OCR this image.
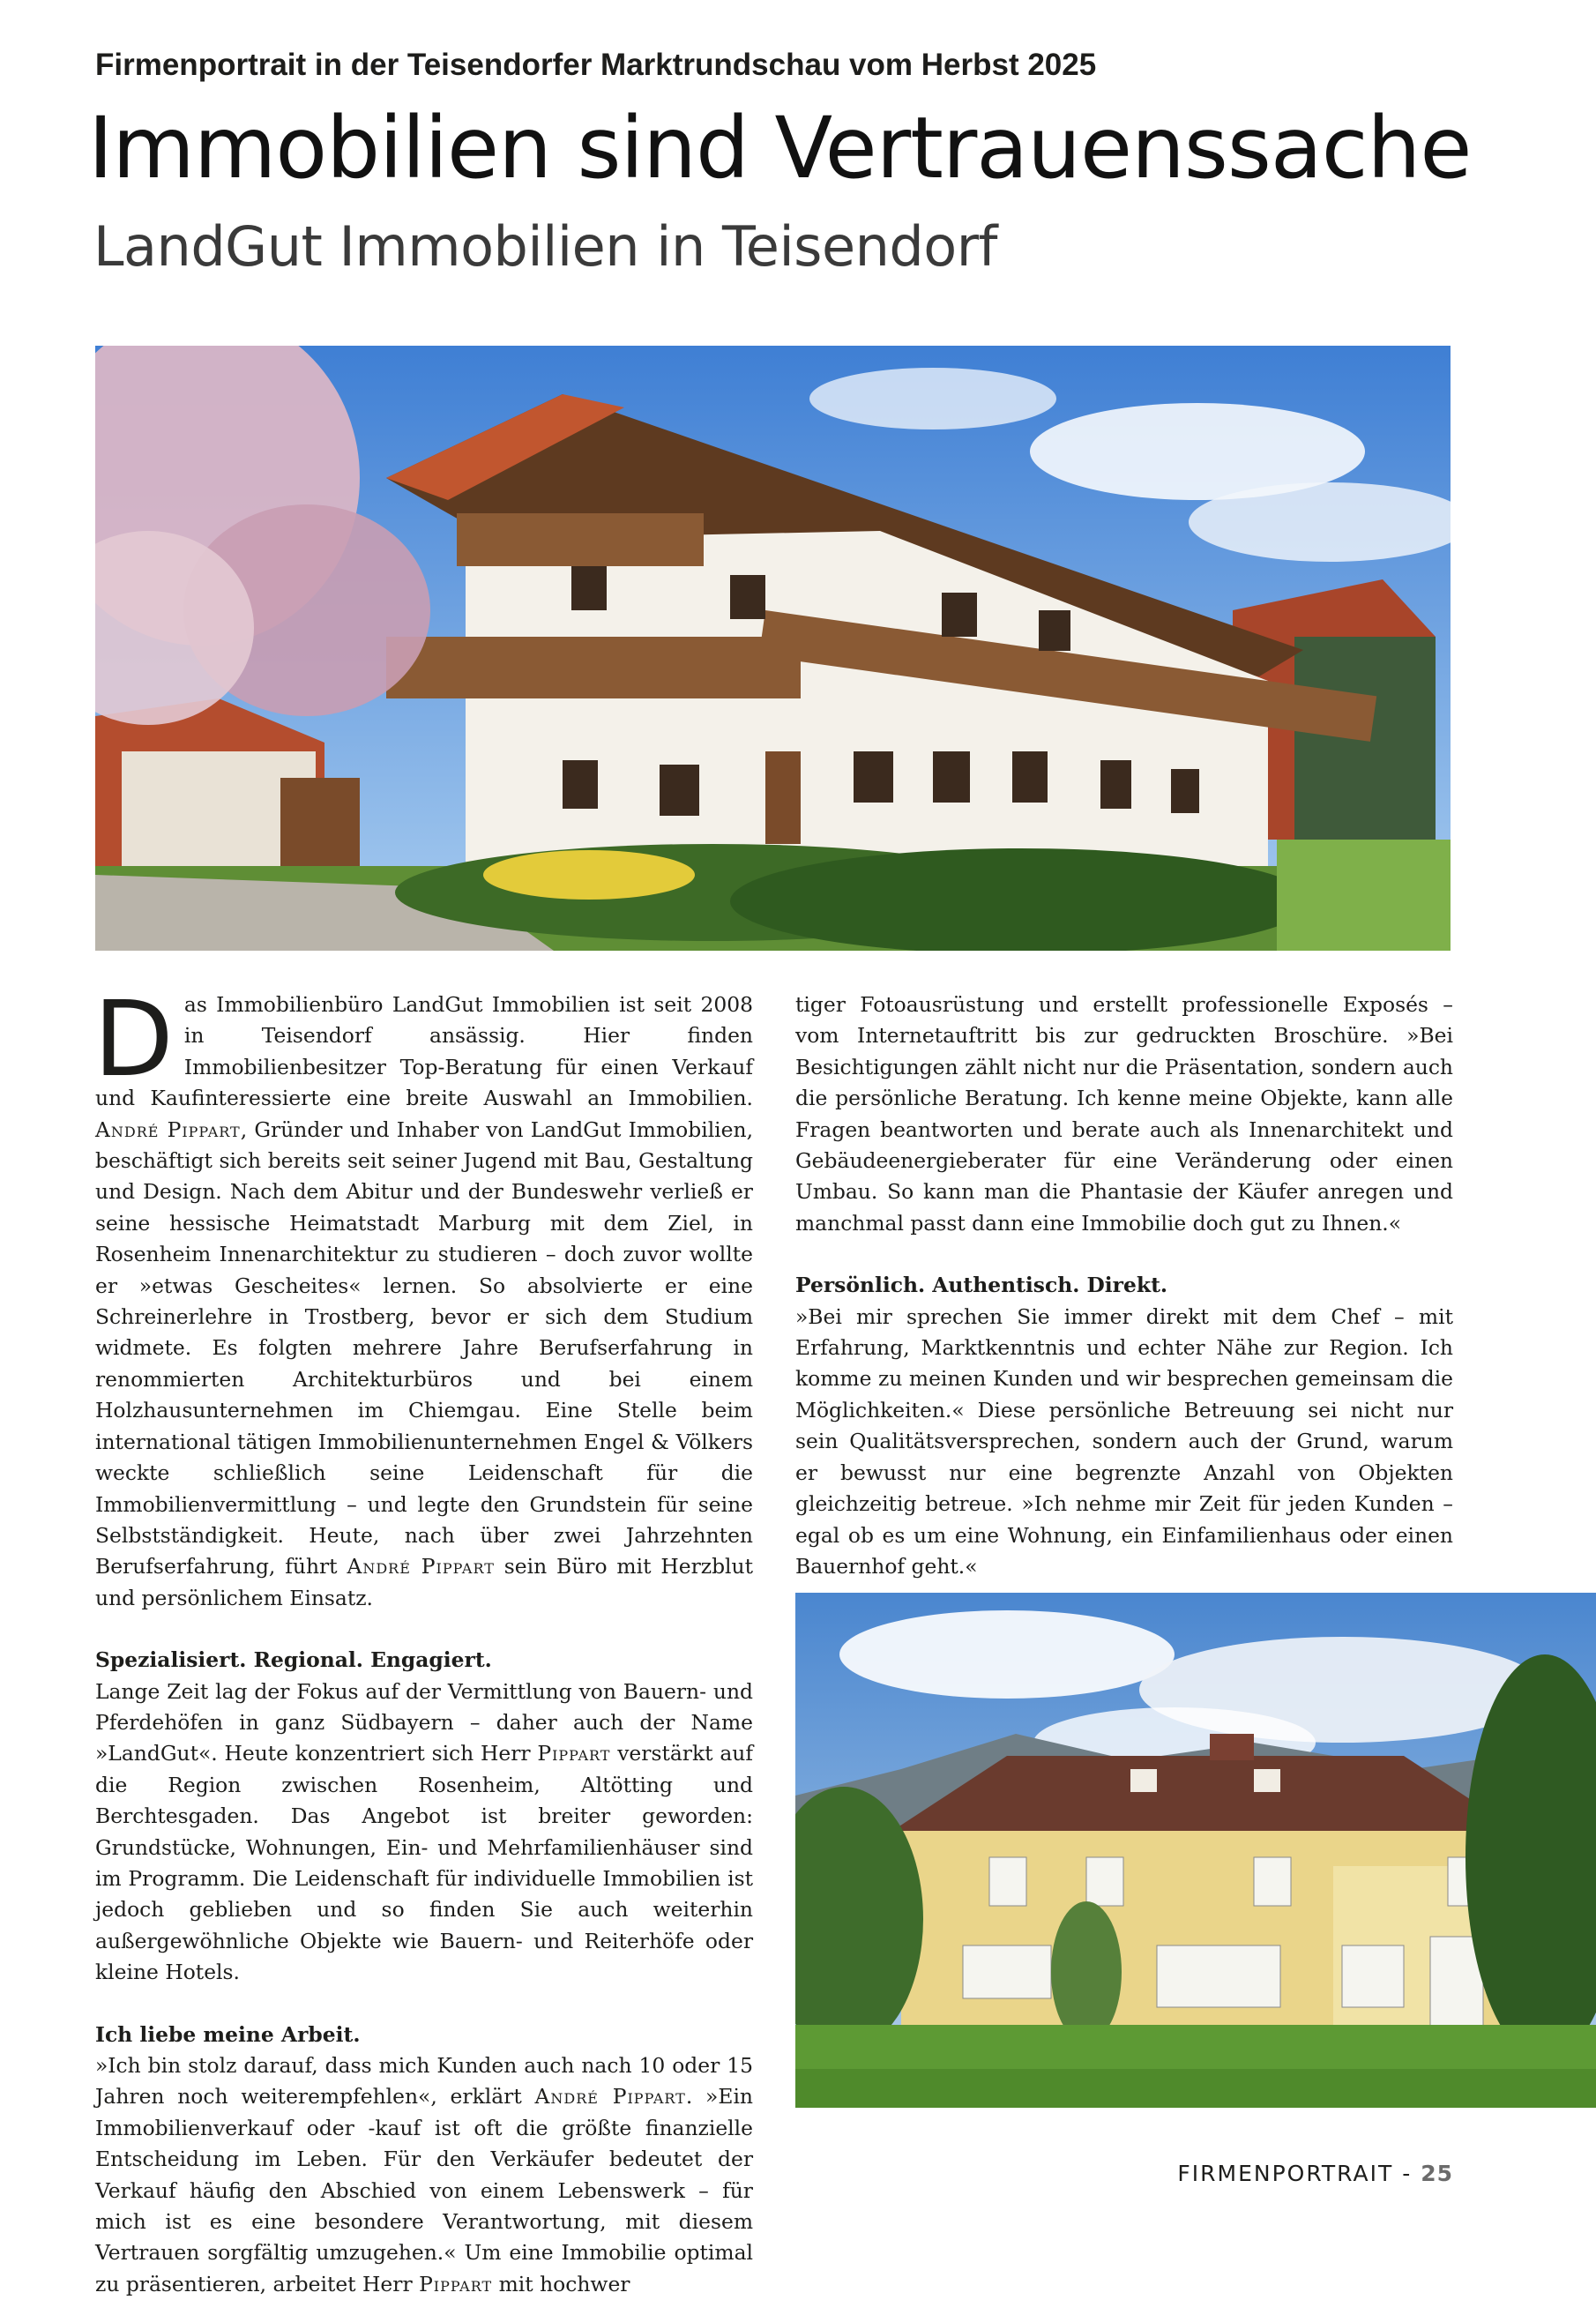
Firmenportrait in der Teisendorfer Marktrundschau vom Herbst 2025
Immobilien sind Vertrauenssache
LandGut Immobilien in Teisendorf

Das Immobilienbüro LandGut Immobilien ist seit 2008 in Teisendorf ansässig. Hier finden Immobilienbesitzer Top-Beratung für einen Verkauf und Kaufinteressierte eine breite Auswahl an Immobilien. André Pippart, Gründer und Inhaber von LandGut Immobilien, beschäftigt sich bereits seit seiner Jugend mit Bau, Gestaltung und Design. Nach dem Abitur und der Bundeswehr verließ er seine hessische Heimatstadt Marburg mit dem Ziel, in Rosenheim Innenarchitektur zu studieren – doch zuvor wollte er »etwas Gescheites« lernen. So absolvierte er eine Schreinerlehre in Trostberg, bevor er sich dem Studium widmete. Es folgten mehrere Jahre Berufserfahrung in renommierten Architekturbüros und bei einem Holzhausunternehmen im Chiemgau. Eine Stelle beim international tätigen Immobilienunternehmen Engel & Völkers weckte schließlich seine Leidenschaft für die Immobilienvermittlung – und legte den Grundstein für seine Selbstständigkeit. Heute, nach über zwei Jahrzehnten Berufserfahrung, führt André Pippart sein Büro mit Herzblut und persönlichem Einsatz.

Spezialisiert. Regional. Engagiert.

Lange Zeit lag der Fokus auf der Vermittlung von Bauern- und Pferdehöfen in ganz Südbayern – daher auch der Name »LandGut«. Heute konzentriert sich Herr Pippart verstärkt auf die Region zwischen Rosenheim, Altötting und Berchtesgaden. Das Angebot ist breiter geworden: Grundstücke, Wohnungen, Ein- und Mehrfamilienhäuser sind im Programm. Die Leidenschaft für individuelle Immobilien ist jedoch geblieben und so finden Sie auch weiterhin außergewöhnliche Objekte wie Bauern- und Reiterhöfe oder kleine Hotels.

Ich liebe meine Arbeit.

»Ich bin stolz darauf, dass mich Kunden auch nach 10 oder 15 Jahren noch weiterempfehlen«, erklärt André Pippart. »Ein Immobilienverkauf oder -kauf ist oft die größte finanzielle Entscheidung im Leben. Für den Verkäufer bedeutet der Verkauf häufig den Abschied von einem Lebenswerk – für mich ist es eine besondere Verantwortung, mit diesem Vertrauen sorgfältig umzugehen.« Um eine Immobilie optimal zu präsentieren, arbeitet Herr Pippart mit hochwer

tiger Fotoausrüstung und erstellt professionelle Exposés – vom Internetauftritt bis zur gedruckten Broschüre. »Bei Besichtigungen zählt nicht nur die Präsentation, sondern auch die persönliche Beratung. Ich kenne meine Objekte, kann alle Fragen beantworten und berate auch als Innenarchitekt und Gebäudeenergieberater für eine Veränderung oder einen Umbau. So kann man die Phantasie der Käufer anregen und manchmal passt dann eine Immobilie doch gut zu Ihnen.«

Persönlich. Authentisch. Direkt.

»Bei mir sprechen Sie immer direkt mit dem Chef – mit Erfahrung, Marktkenntnis und echter Nähe zur Region. Ich komme zu meinen Kunden und wir besprechen gemeinsam die Möglichkeiten.« Diese persönliche Betreuung sei nicht nur sein Qualitätsversprechen, sondern auch der Grund, warum er bewusst nur eine begrenzte Anzahl von Objekten gleichzeitig betreue. »Ich nehme mir Zeit für jeden Kunden – egal ob es um eine Wohnung, ein Einfamilienhaus oder einen Bauernhof geht.«

FIRMENPORTRAIT - 25
